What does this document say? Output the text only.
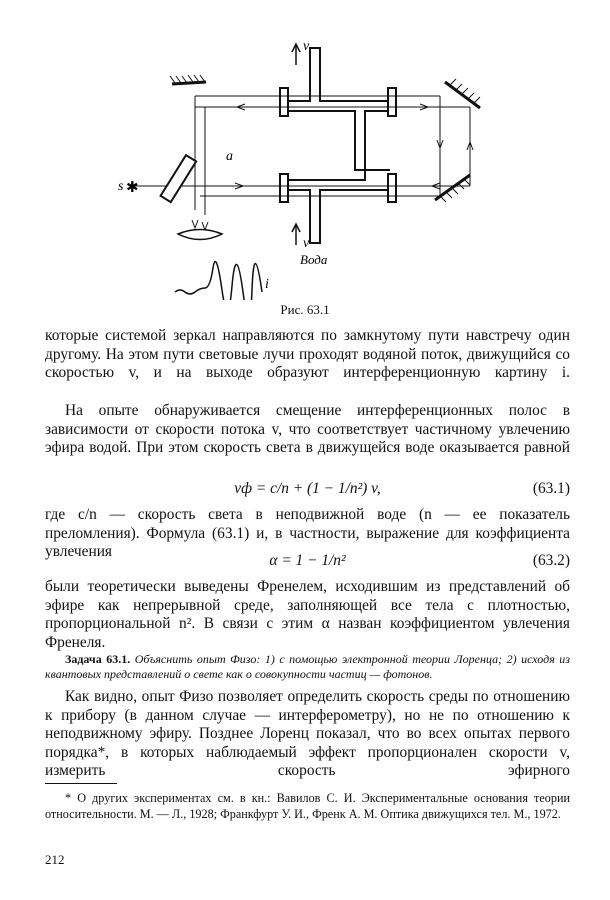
s ✱
a
v
v
Вода
i
Рис. 63.1
которые системой зеркал направляются по замкнутому пути навстречу один другому. На этом пути световые лучи проходят водяной поток, движущийся со скоростью v, и на выходе образуют интерференционную картину i.
На опыте обнаруживается смещение интерференционных полос в зависимости от скорости потока v, что соответствует частичному увлечению эфира водой. При этом скорость света в движущейся воде оказывается равной
vф = c/n + (1 − 1/n²) v,	(63.1)
где c/n — скорость света в неподвижной воде (n — ее показатель преломления). Формула (63.1) и, в частности, выражение для коэффициента увлечения
α = 1 − 1/n²	(63.2)
были теоретически выведены Френелем, исходившим из представлений об эфире как непрерывной среде, заполняющей все тела с плотностью, пропорциональной n². В связи с этим α назван коэффициентом увлечения Френеля.
Задача 63.1. Объяснить опыт Физо: 1) с помощью электронной теории Лоренца; 2) исходя из квантовых представлений о свете как о совокупности частиц — фотонов.
Как видно, опыт Физо позволяет определить скорость среды по отношению к прибору (в данном случае — интерферометру), но не по отношению к неподвижному эфиру. Позднее Лоренц показал, что во всех опытах первого порядка*, в которых наблюдаемый эффект пропорционален скорости v, измерить скорость эфирного
* О других экспериментах см. в кн.: Вавилов С. И. Экспериментальные основания теории относительности. М. — Л., 1928; Франкфурт У. И., Френк А. М. Оптика движущихся тел. М., 1972.
212
